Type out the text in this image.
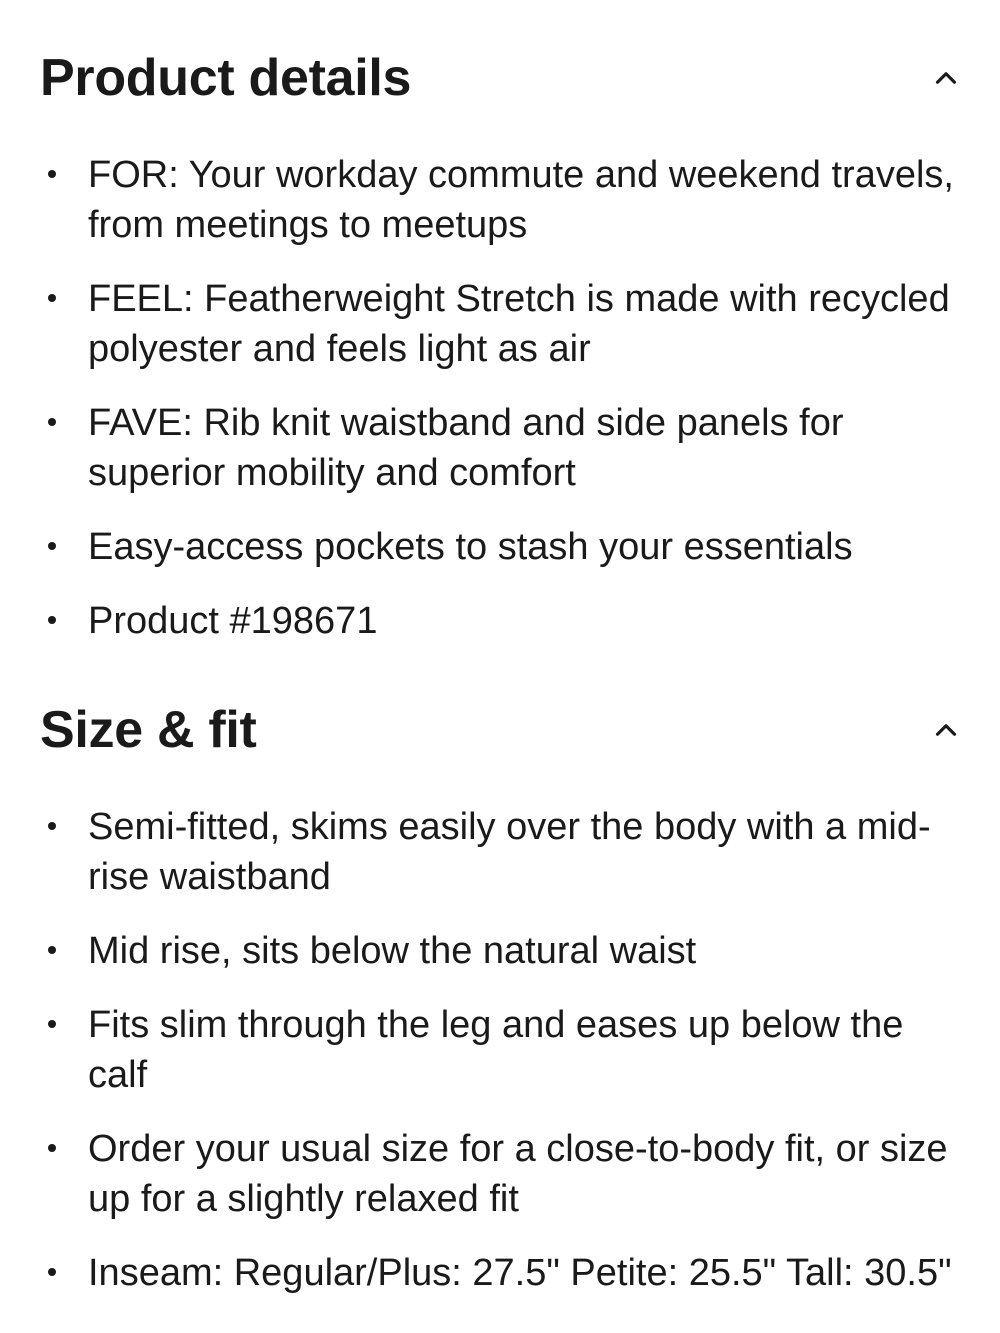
Product details
FOR: Your workday commute and weekend travels, from meetings to meetups
FEEL: Featherweight Stretch is made with recycled polyester and feels light as air
FAVE: Rib knit waistband and side panels for superior mobility and comfort
Easy-access pockets to stash your essentials
Product #198671
Size & fit
Semi-fitted, skims easily over the body with a mid-rise waistband
Mid rise, sits below the natural waist
Fits slim through the leg and eases up below the calf
Order your usual size for a close-to-body fit, or size up for a slightly relaxed fit
Inseam: Regular/Plus: 27.5" Petite: 25.5" Tall: 30.5"
